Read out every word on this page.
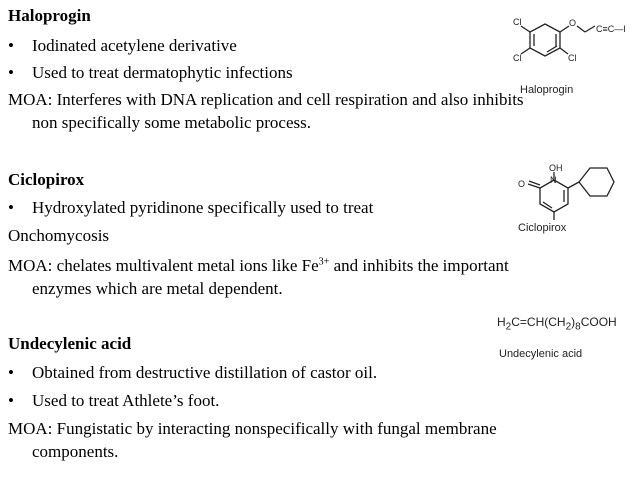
Haloprogin
• Iodinated acetylene derivative
• Used to treat dermatophytic infections
MOA: Interferes with DNA replication and cell respiration and also inhibits
non specifically some metabolic process.
Cl
Cl	Cl
O
C≡C—I
Haloprogin
Ciclopirox
• Hydroxylated pyridinone specifically used to treat
Onchomycosis
MOA: chelates multivalent metal ions like $Fe^{3+}$ and inhibits the important
enzymes which are metal dependent.
OH
N
O
Ciclopirox
Undecylenic acid
• Obtained from destructive distillation of castor oil.
• Used to treat Athlete’s foot.
MOA: Fungistatic by interacting nonspecifically with fungal membrane
components.
$H_2C=CH(CH_2)_8COOH$
Undecylenic acid
